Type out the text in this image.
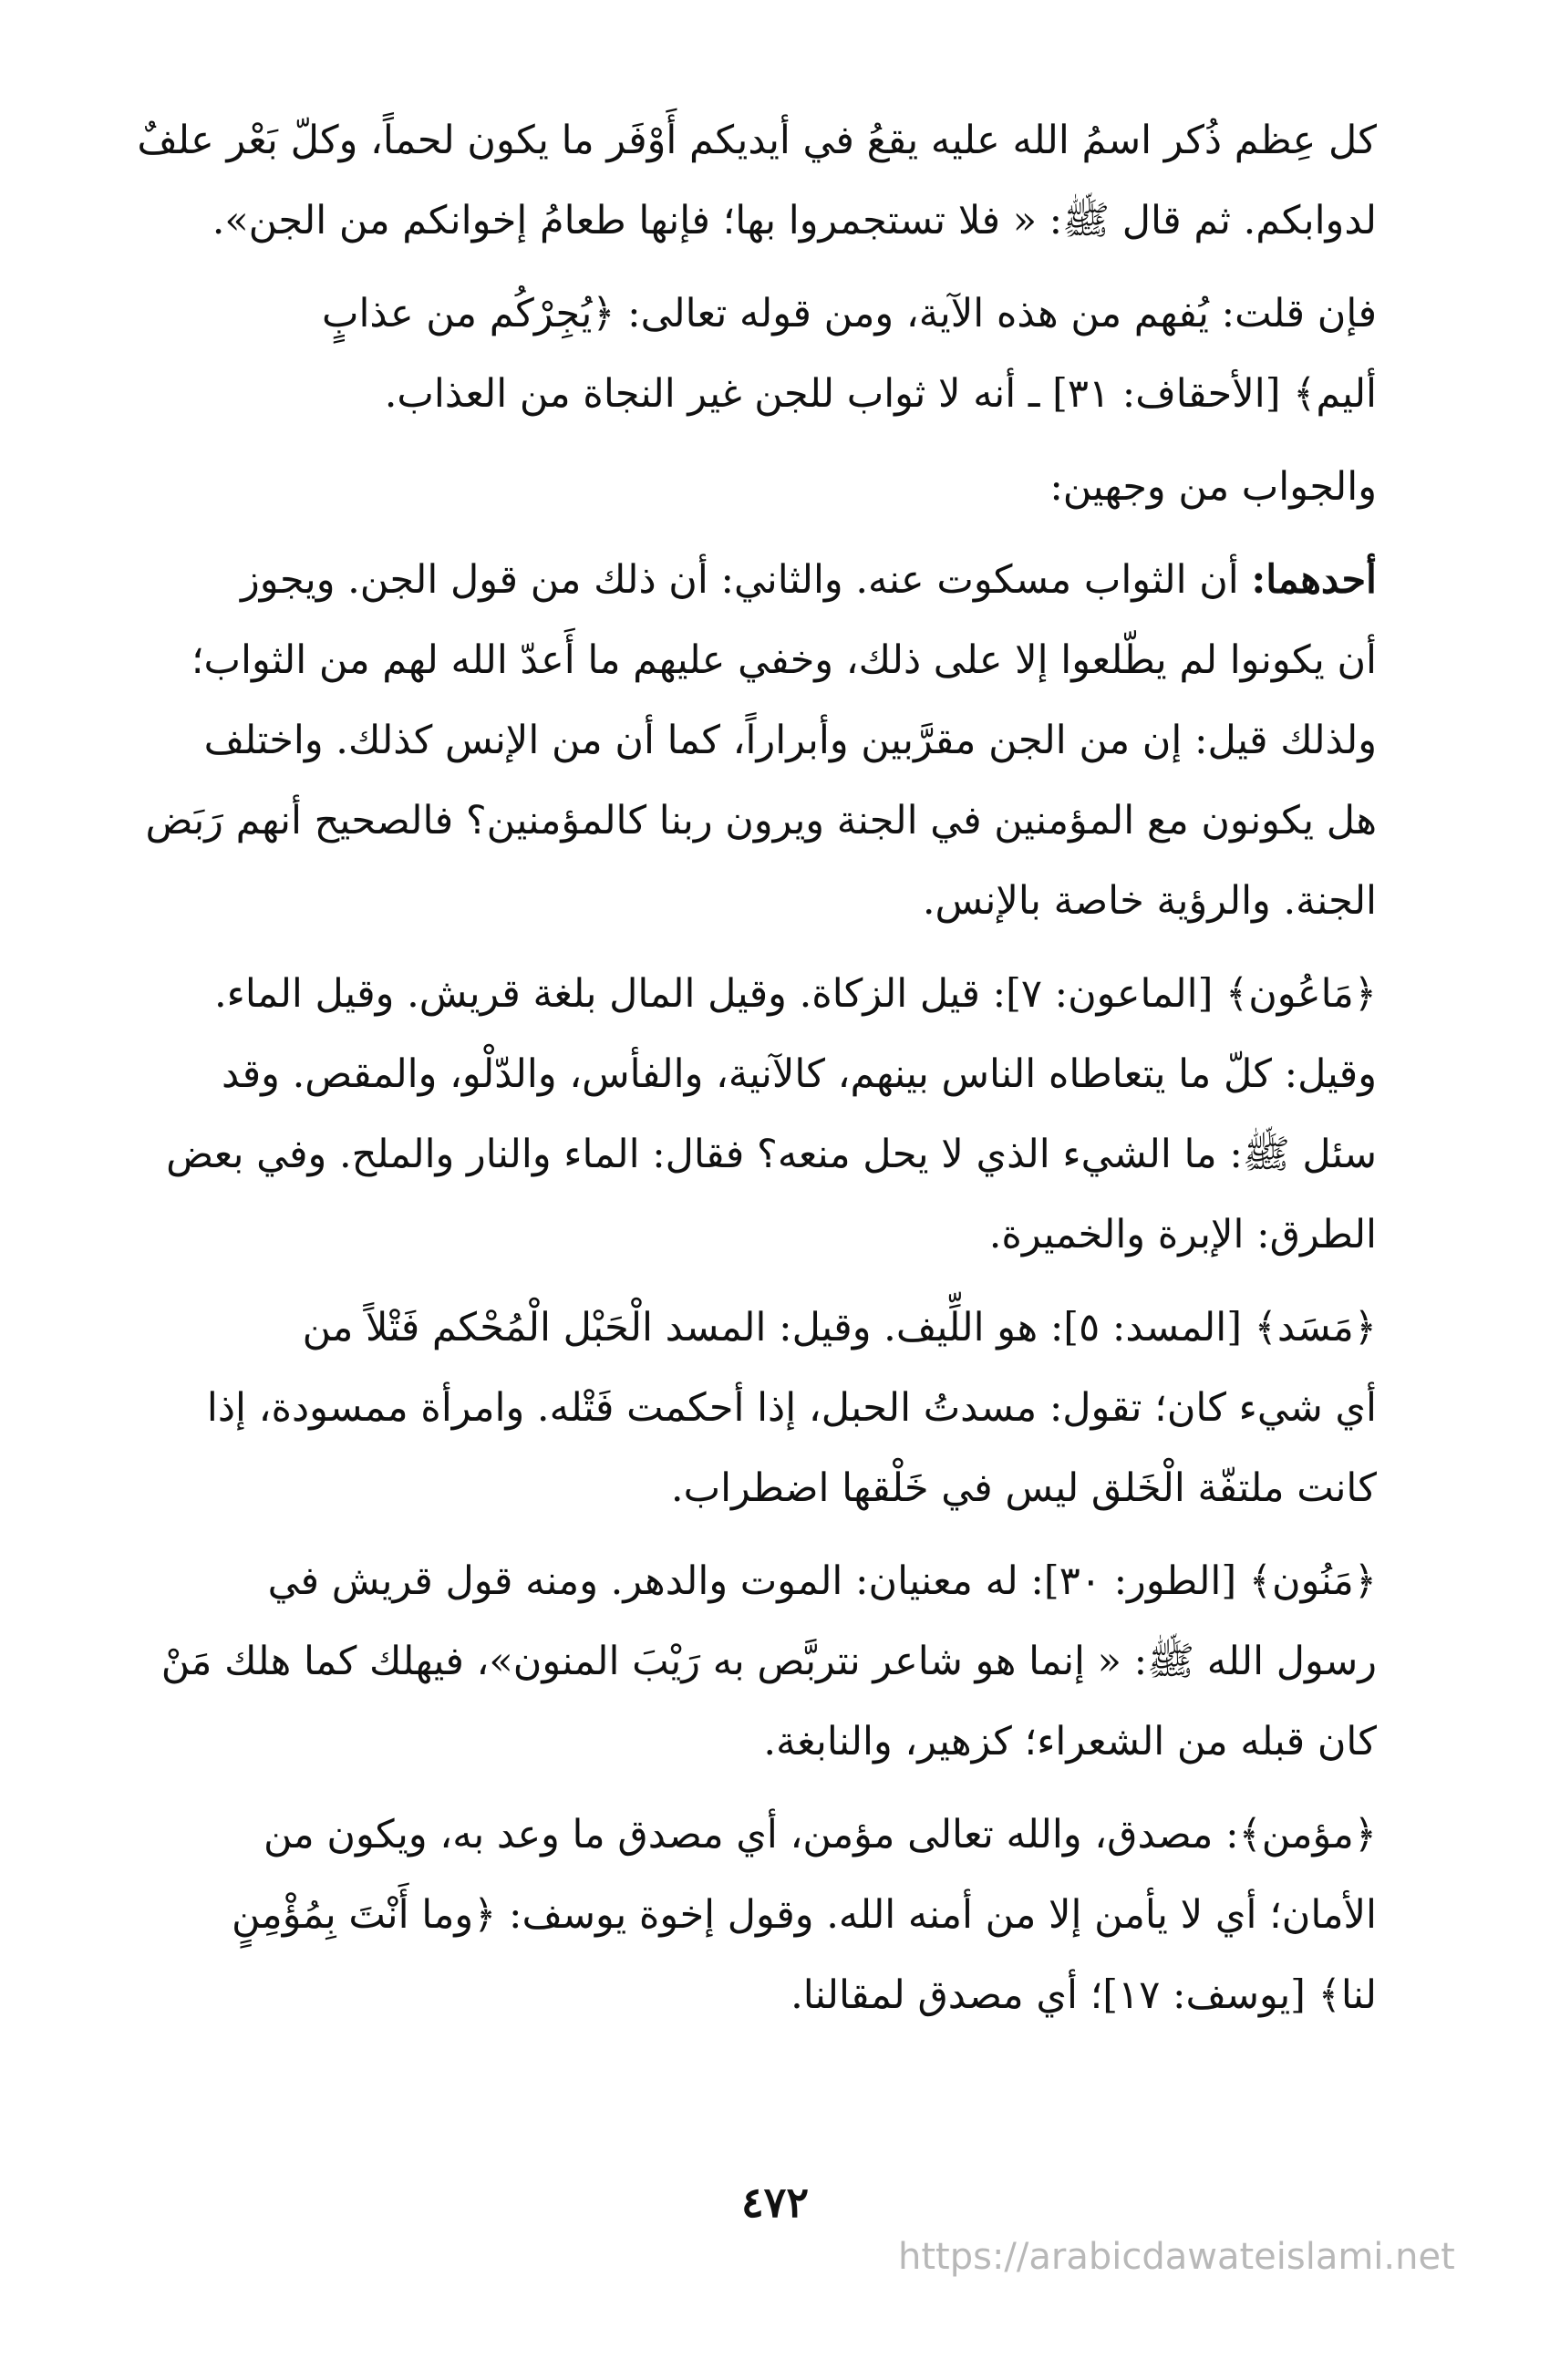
كل عِظم ذُكر اسمُ الله عليه يقعُ في أيديكم أَوْفَر ما يكون لحماً، وكلّ بَعْر علفٌ
لدوابكم. ثم قال ﷺ: « فلا تستجمروا بها؛ فإنها طعامُ إخوانكم من الجن».

فإن قلت: يُفهم من هذه الآية، ومن قوله تعالى: ﴿يُجِرْكُم من عذابٍ
أليم﴾ [الأحقاف: ٣١] ـ أنه لا ثواب للجن غير النجاة من العذاب.

والجواب من وجهين:

أحدهما: أن الثواب مسكوت عنه. والثاني: أن ذلك من قول الجن. ويجوز
أن يكونوا لم يطّلعوا إلا على ذلك، وخفي عليهم ما أَعدّ الله لهم من الثواب؛
ولذلك قيل: إن من الجن مقرَّبين وأبراراً، كما أن من الإنس كذلك. واختلف
هل يكونون مع المؤمنين في الجنة ويرون ربنا كالمؤمنين؟ فالصحيح أنهم رَبَض
الجنة. والرؤية خاصة بالإنس.

﴿مَاعُون﴾ [الماعون: ٧]: قيل الزكاة. وقيل المال بلغة قريش. وقيل الماء.
وقيل: كلّ ما يتعاطاه الناس بينهم، كالآنية، والفأس، والدّلْو، والمقص. وقد
سئل ﷺ: ما الشيء الذي لا يحل منعه؟ فقال: الماء والنار والملح. وفي بعض
الطرق: الإبرة والخميرة.

﴿مَسَد﴾ [المسد: ٥]: هو اللِّيف. وقيل: المسد الْحَبْل الْمُحْكم فَتْلاً من
أي شيء كان؛ تقول: مسدتُ الحبل، إذا أحكمت فَتْله. وامرأة ممسودة، إذا
كانت ملتفّة الْخَلق ليس في خَلْقها اضطراب.

﴿مَنُون﴾ [الطور: ٣٠]: له معنيان: الموت والدهر. ومنه قول قريش في
رسول الله ﷺ: « إنما هو شاعر نتربَّص به رَيْبَ المنون»، فيهلك كما هلك مَنْ
كان قبله من الشعراء؛ كزهير، والنابغة.

﴿مؤمن﴾: مصدق، والله تعالى مؤمن، أي مصدق ما وعد به، ويكون من
الأمان؛ أي لا يأمن إلا من أمنه الله. وقول إخوة يوسف: ﴿وما أَنْتَ بِمُؤْمِنٍ
لنا﴾ [يوسف: ١٧]؛ أي مصدق لمقالنا.

٤٧٢
https://arabicdawateislami.net
